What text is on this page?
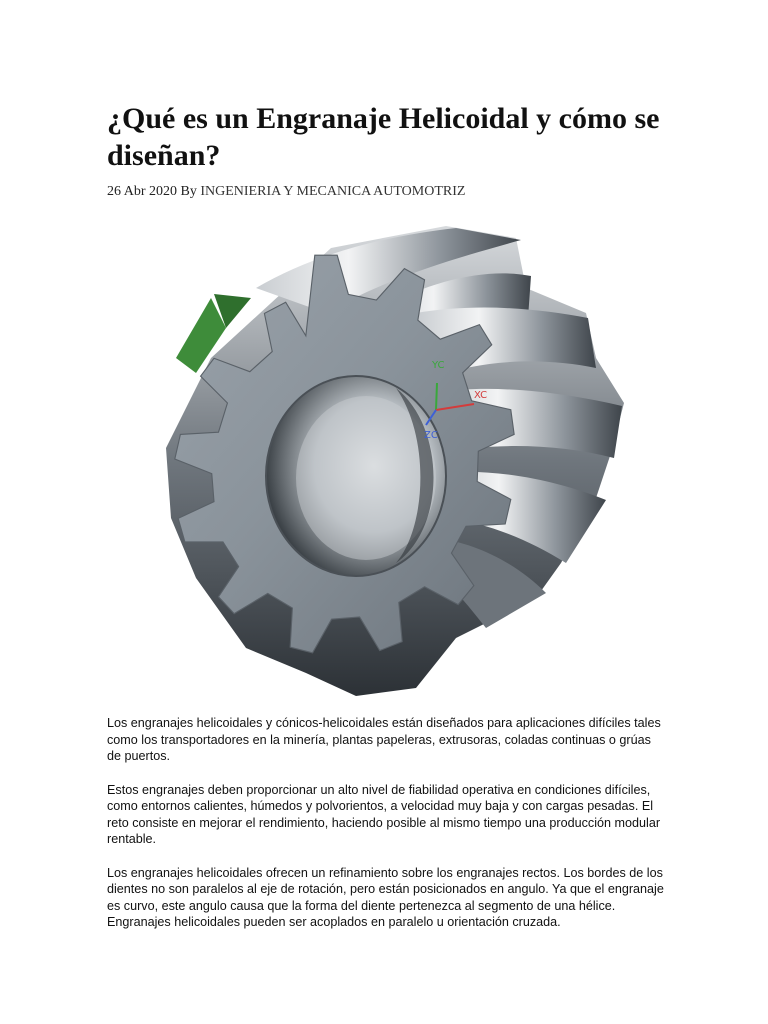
¿Qué es un Engranaje Helicoidal y cómo se diseñan?
26 Abr 2020 By INGENIERIA Y MECANICA AUTOMOTRIZ
YC
XC
ZC

Los engranajes helicoidales y cónicos-helicoidales están diseñados para aplicaciones difíciles tales como los transportadores en la minería, plantas papeleras, extrusoras, coladas continuas o grúas de puertos.

Estos engranajes deben proporcionar un alto nivel de fiabilidad operativa en condiciones difíciles, como entornos calientes, húmedos y polvorientos, a velocidad muy baja y con cargas pesadas. El reto consiste en mejorar el rendimiento, haciendo posible al mismo tiempo una producción modular rentable.

Los engranajes helicoidales ofrecen un refinamiento sobre los engranajes rectos. Los bordes de los dientes no son paralelos al eje de rotación, pero están posicionados en angulo. Ya que el engranaje es curvo, este angulo causa que la forma del diente pertenezca al segmento de una hélice. Engranajes helicoidales pueden ser acoplados en paralelo u orientación cruzada.
